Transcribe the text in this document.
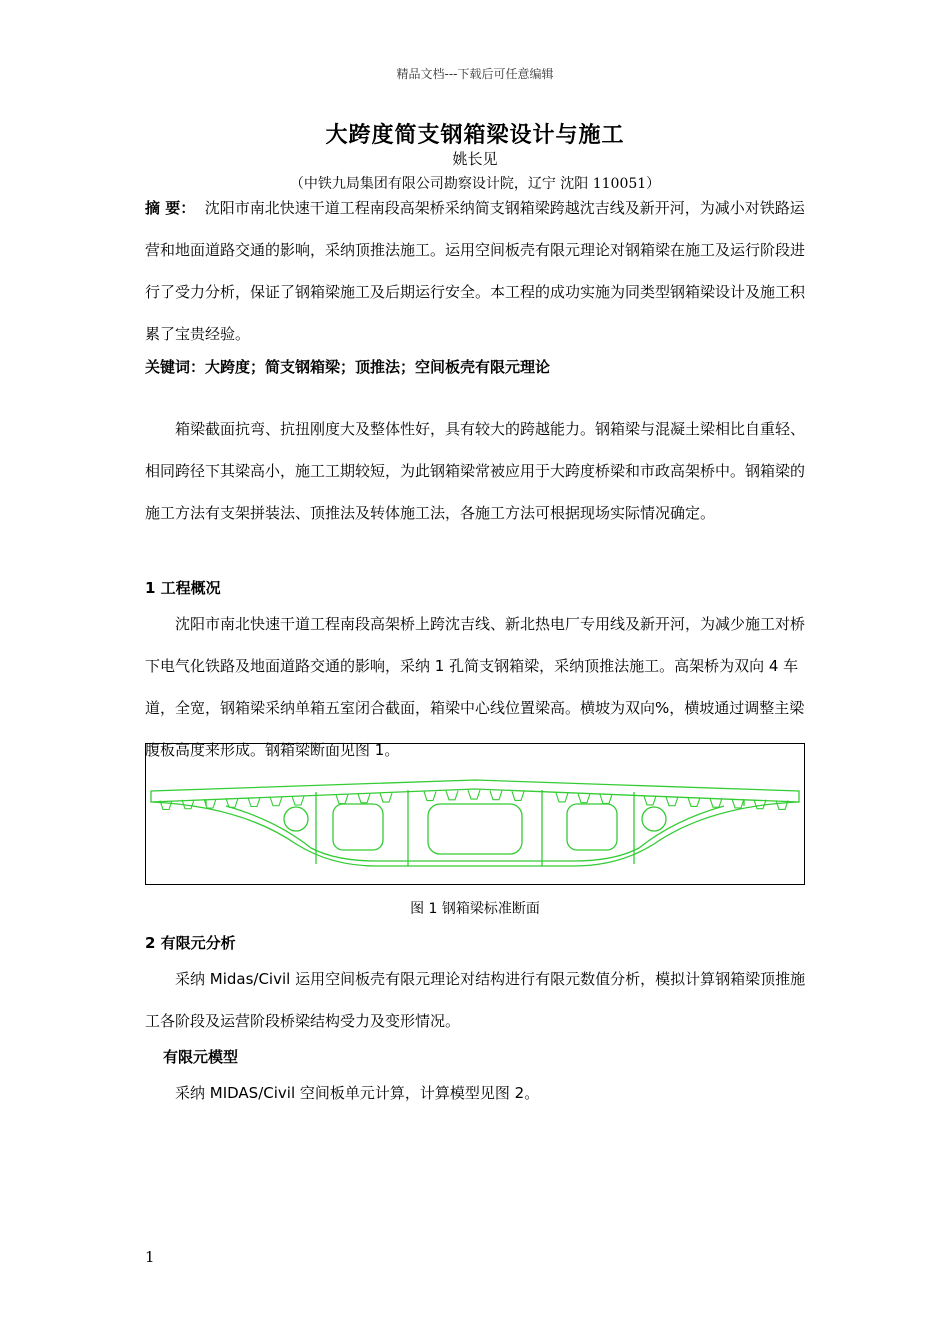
精品文档---下载后可任意编辑
大跨度简支钢箱梁设计与施工
姚长见
（中铁九局集团有限公司勘察设计院，辽宁 沈阳 110051）

摘 要： 沈阳市南北快速干道工程南段高架桥采纳简支钢箱梁跨越沈吉线及新开河，为减小对铁路运营和地面道路交通的影响，采纳顶推法施工。运用空间板壳有限元理论对钢箱梁在施工及运行阶段进行了受力分析，保证了钢箱梁施工及后期运行安全。本工程的成功实施为同类型钢箱梁设计及施工积累了宝贵经验。

关键词：大跨度；简支钢箱梁；顶推法；空间板壳有限元理论

箱梁截面抗弯、抗扭刚度大及整体性好，具有较大的跨越能力。钢箱梁与混凝土梁相比自重轻、相同跨径下其梁高小，施工工期较短，为此钢箱梁常被应用于大跨度桥梁和市政高架桥中。钢箱梁的施工方法有支架拼装法、顶推法及转体施工法，各施工方法可根据现场实际情况确定。

1 工程概况

沈阳市南北快速干道工程南段高架桥上跨沈吉线、新北热电厂专用线及新开河，为减少施工对桥下电气化铁路及地面道路交通的影响，采纳 1 孔简支钢箱梁，采纳顶推法施工。高架桥为双向 4 车道，全宽，钢箱梁采纳单箱五室闭合截面，箱梁中心线位置梁高。横坡为双向%，横坡通过调整主梁腹板高度来形成。钢箱梁断面见图 1。

图 1 钢箱梁标准断面

2 有限元分析

采纳 Midas/Civil 运用空间板壳有限元理论对结构进行有限元数值分析，模拟计算钢箱梁顶推施工各阶段及运营阶段桥梁结构受力及变形情况。

有限元模型

采纳 MIDAS/Civil 空间板单元计算，计算模型见图 2。

1
